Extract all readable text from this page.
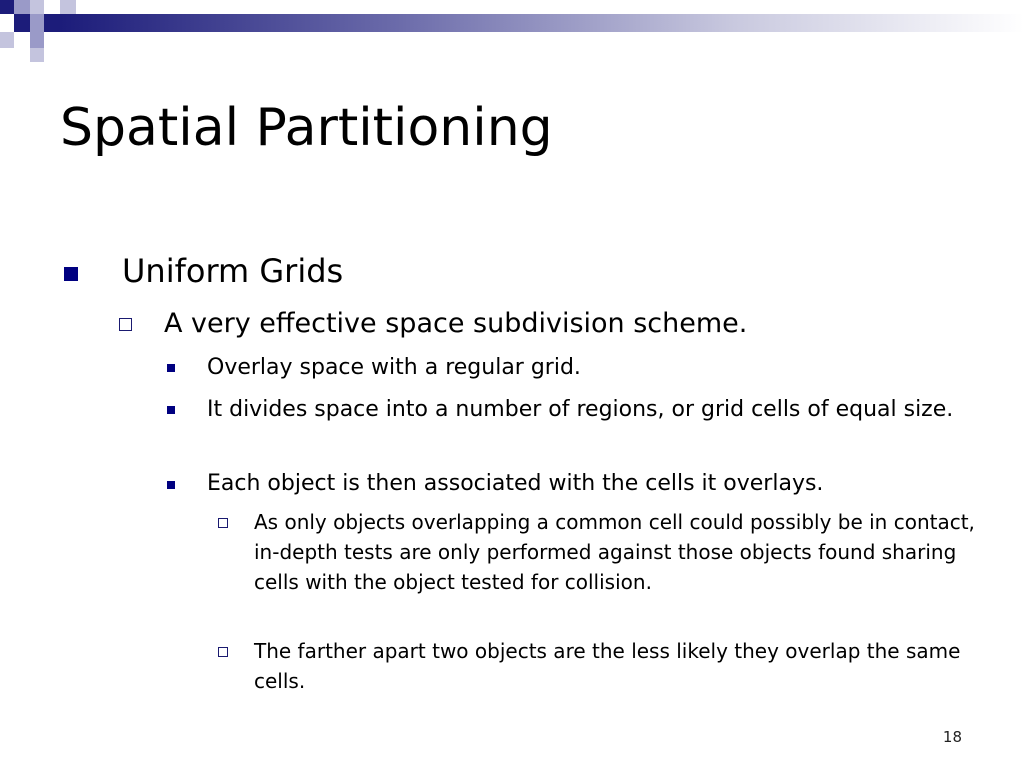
Spatial Partitioning
Uniform Grids
A very effective space subdivision scheme.
Overlay space with a regular grid.
It divides space into a number of regions, or grid cells of equal size.
Each object is then associated with the cells it overlays.
As only objects overlapping a common cell could possibly be in contact, in-depth tests are only performed against those objects found sharing cells with the object tested for collision.
The farther apart two objects are the less likely they overlap the same cells.
18
